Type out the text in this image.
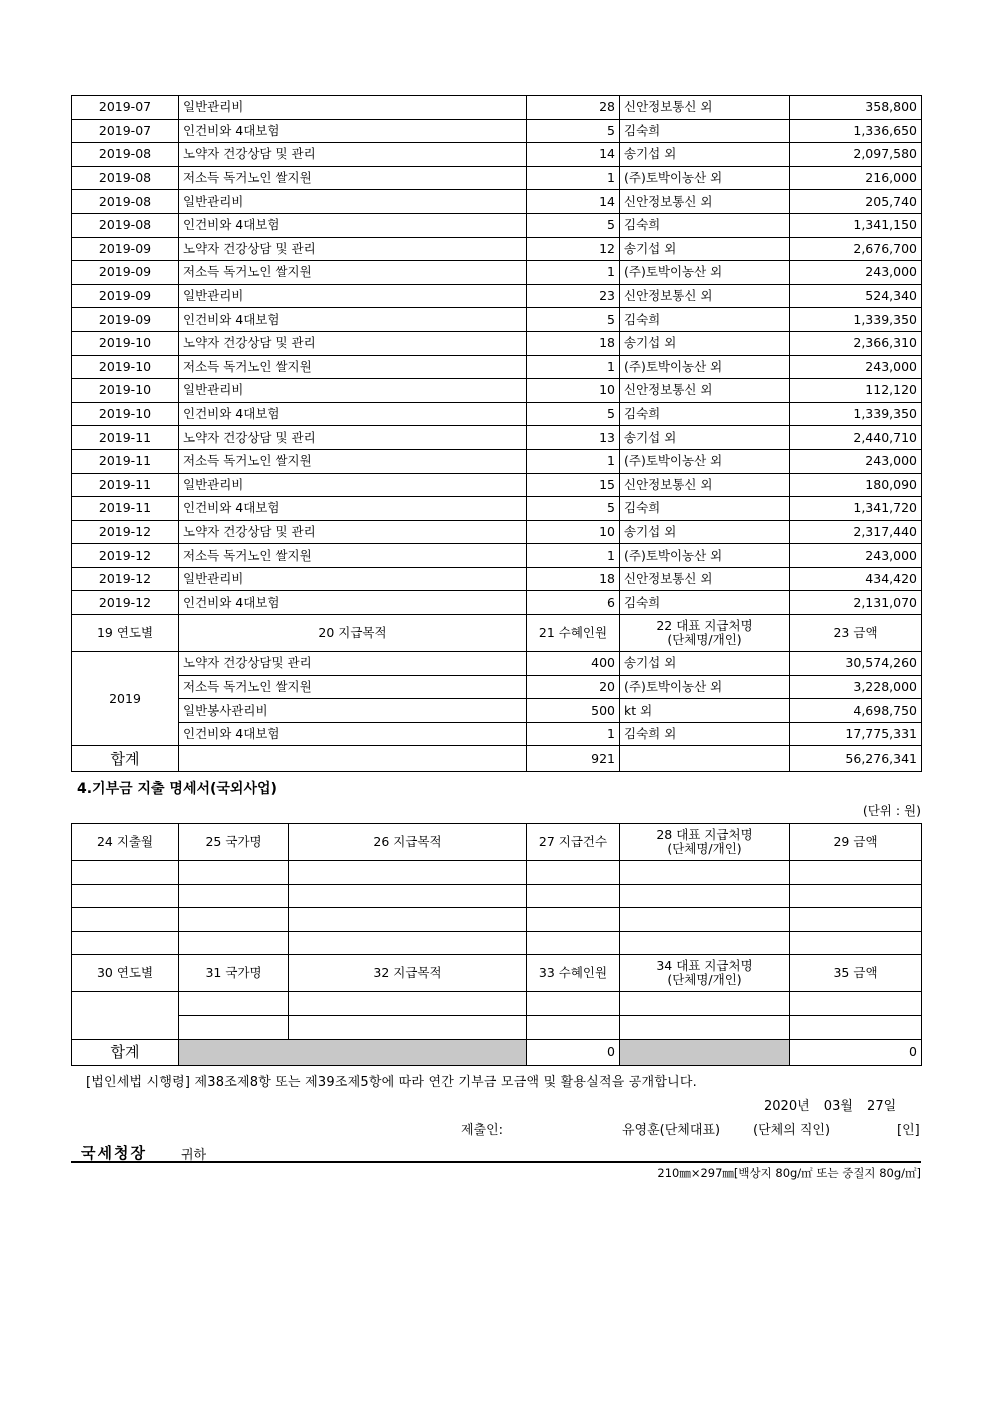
2019-07	일반관리비	28	신안정보통신 외	358,800
2019-07	인건비와 4대보험	5	김숙희	1,336,650
2019-08	노약자 건강상담 및 관리	14	송기섭 외	2,097,580
2019-08	저소득 독거노인 쌀지원	1	(주)토박이농산 외	216,000
2019-08	일반관리비	14	신안정보통신 외	205,740
2019-08	인건비와 4대보험	5	김숙희	1,341,150
2019-09	노약자 건강상담 및 관리	12	송기섭 외	2,676,700
2019-09	저소득 독거노인 쌀지원	1	(주)토박이농산 외	243,000
2019-09	일반관리비	23	신안정보통신 외	524,340
2019-09	인건비와 4대보험	5	김숙희	1,339,350
2019-10	노약자 건강상담 및 관리	18	송기섭 외	2,366,310
2019-10	저소득 독거노인 쌀지원	1	(주)토박이농산 외	243,000
2019-10	일반관리비	10	신안정보통신 외	112,120
2019-10	인건비와 4대보험	5	김숙희	1,339,350
2019-11	노약자 건강상담 및 관리	13	송기섭 외	2,440,710
2019-11	저소득 독거노인 쌀지원	1	(주)토박이농산 외	243,000
2019-11	일반관리비	15	신안정보통신 외	180,090
2019-11	인건비와 4대보험	5	김숙희	1,341,720
2019-12	노약자 건강상담 및 관리	10	송기섭 외	2,317,440
2019-12	저소득 독거노인 쌀지원	1	(주)토박이농산 외	243,000
2019-12	일반관리비	18	신안정보통신 외	434,420
2019-12	인건비와 4대보험	6	김숙희	2,131,070
19 연도별	20 지급목적	21 수혜인원	22 대표 지급처명
(단체명/개인)	23 금액
2019	노약자 건강상담및 관리	400	송기섭 외	30,574,260
	저소득 독거노인 쌀지원	20	(주)토박이농산 외	3,228,000
	일반봉사관리비	500	kt 외	4,698,750
	인건비와 4대보험	1	김숙희 외	17,775,331
합계		921		56,276,341
4.기부금 지출 명세서(국외사업)
(단위 : 원)
24 지출월	25 국가명	26 지급목적	27 지급건수	28 대표 지급처명
(단체명/개인)	29 금액

30 연도별	31 국가명	32 지급목적	33 수혜인원	34 대표 지급처명
(단체명/개인)	35 금액

합계			0		0
[법인세법 시행령] 제38조제8항 또는 제39조제5항에 따라 연간 기부금 모금액 및 활용실적을 공개합니다.
2020년 03월 27일
제출인:	유영훈(단체대표)	(단체의 직인)	[인]
국세청장	귀하
210㎜×297㎜[백상지 80g/㎡ 또는 중질지 80g/㎡]
